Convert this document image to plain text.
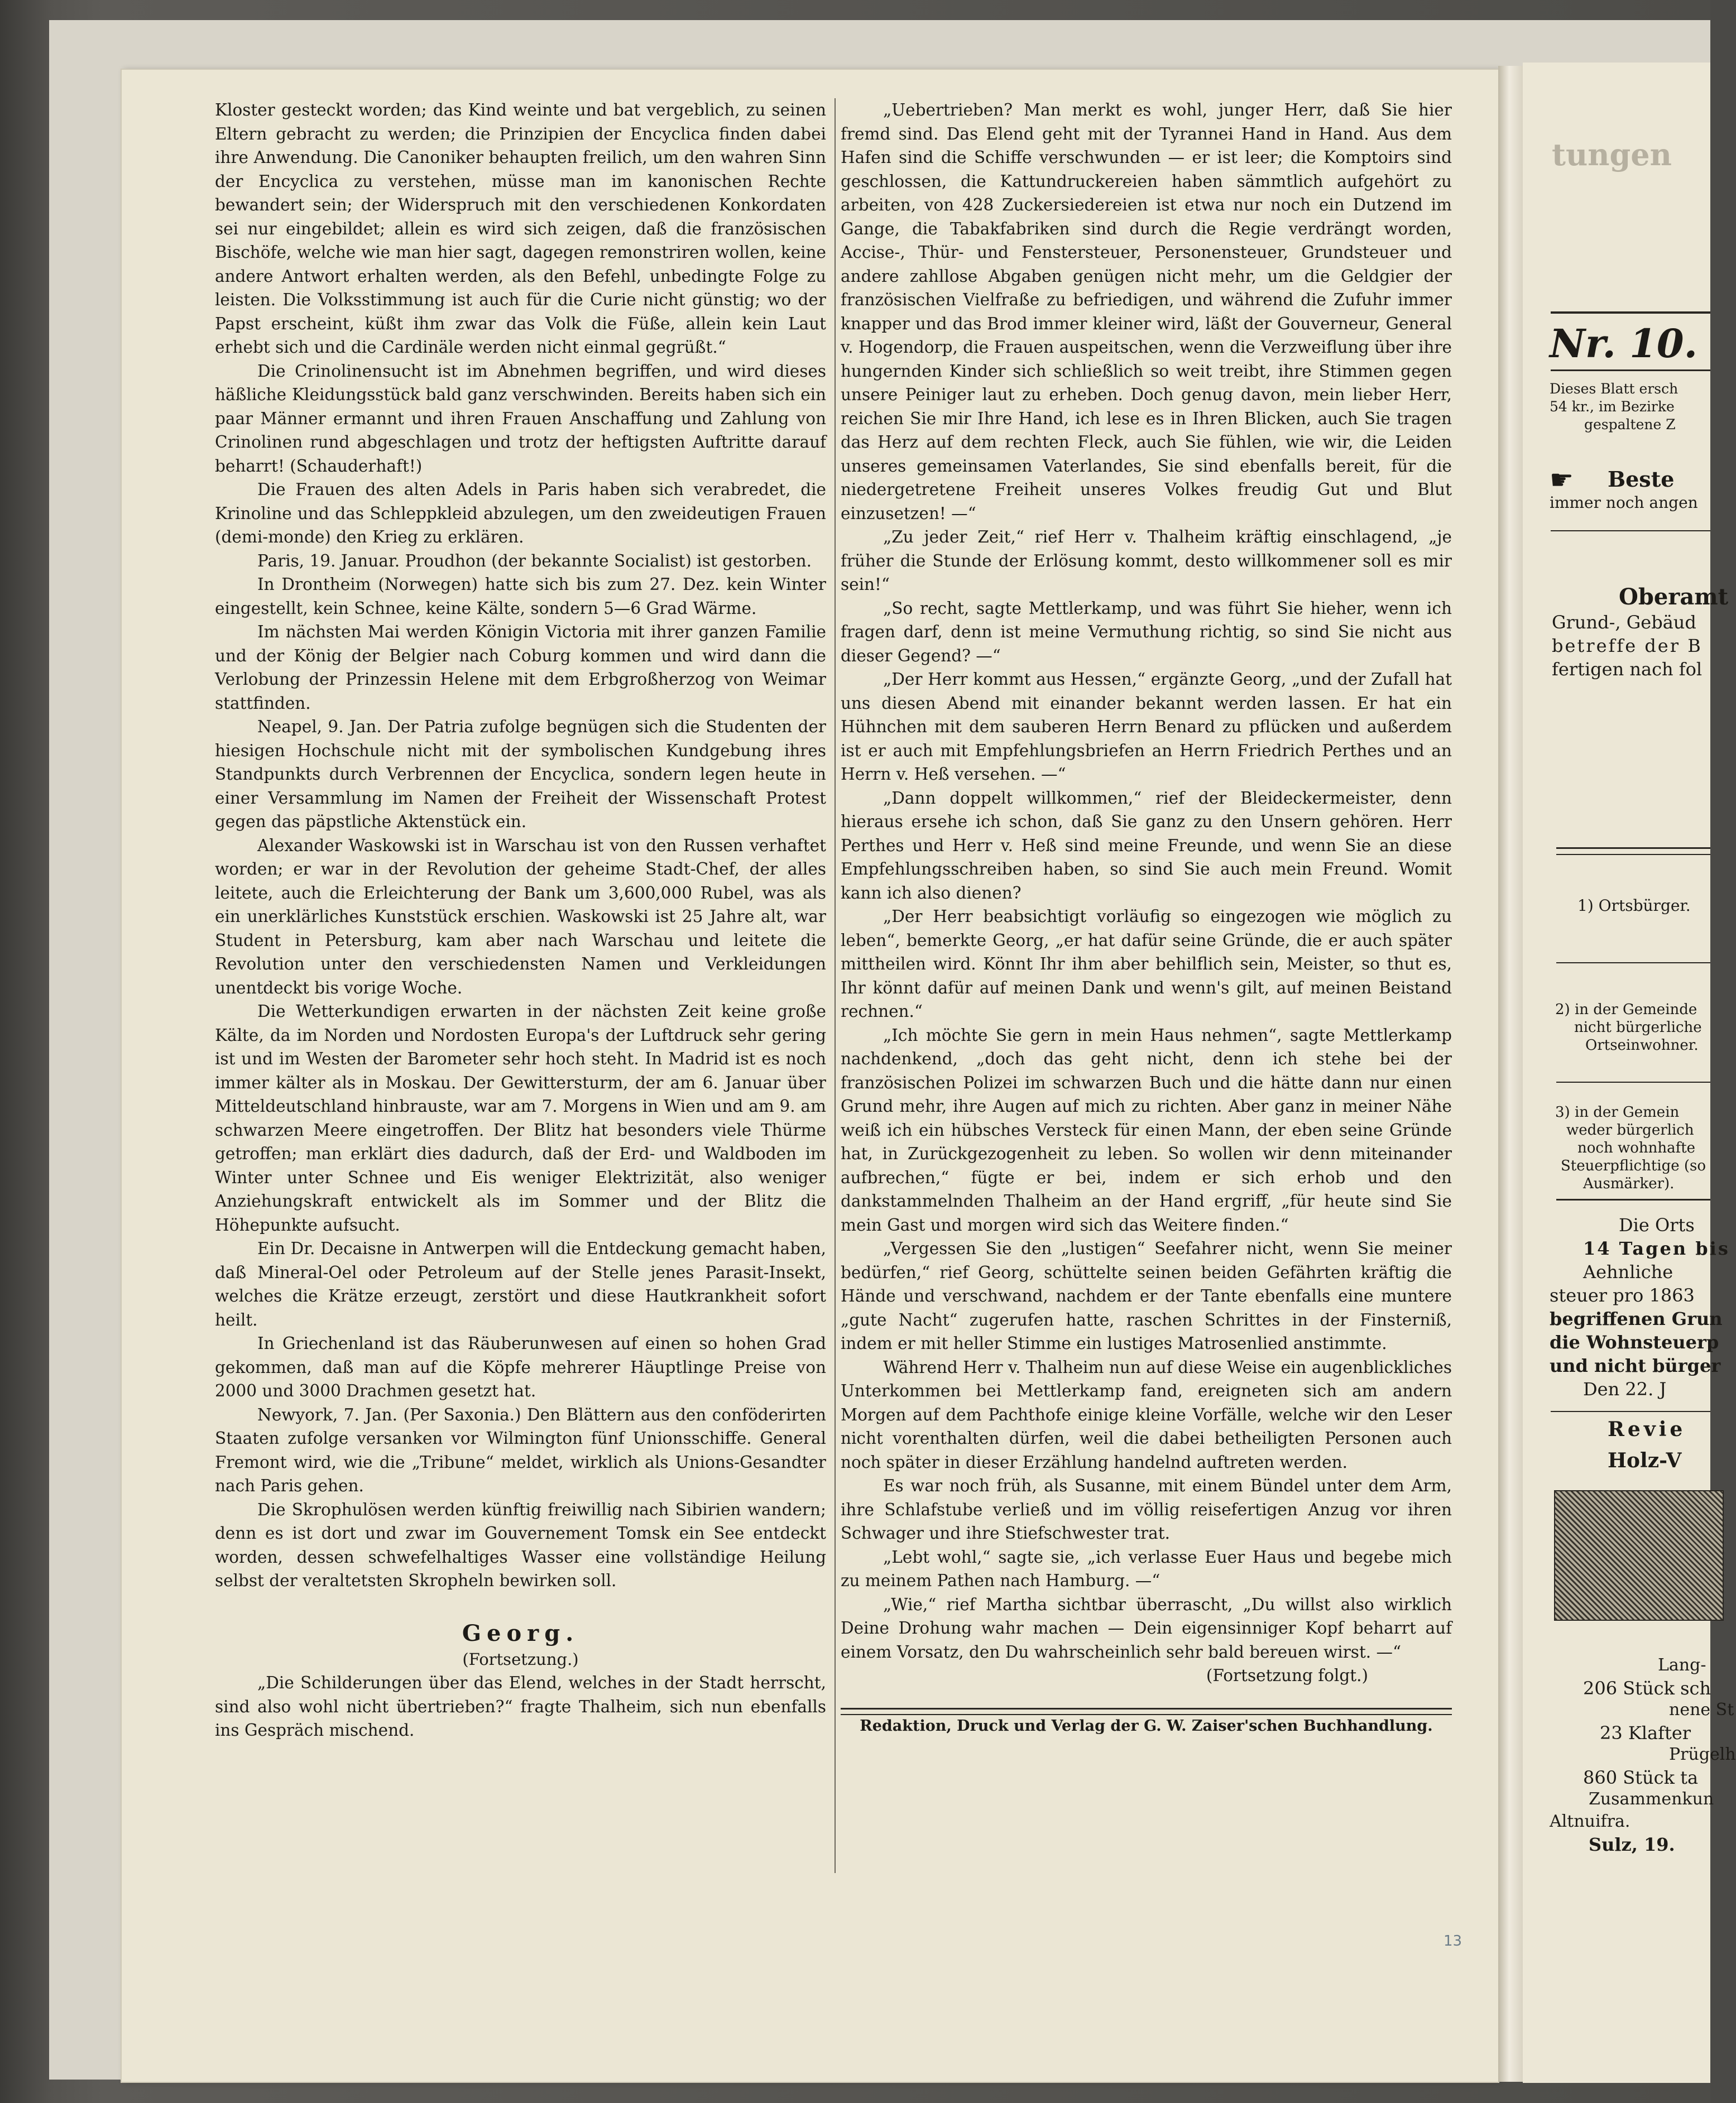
Kloster gesteckt worden; das Kind weinte und bat vergeblich, zu seinen Eltern gebracht zu werden; die Prinzipien der Encyclica finden dabei ihre Anwendung. Die Canoniker behaupten freilich, um den wahren Sinn der Encyclica zu verstehen, müsse man im kanonischen Rechte bewandert sein; der Widerspruch mit den verschiedenen Konkordaten sei nur eingebildet; allein es wird sich zeigen, daß die französischen Bischöfe, welche wie man hier sagt, dagegen remonstriren wollen, keine andere Antwort erhalten werden, als den Befehl, unbedingte Folge zu leisten. Die Volksstimmung ist auch für die Curie nicht günstig; wo der Papst erscheint, küßt ihm zwar das Volk die Füße, allein kein Laut erhebt sich und die Cardinäle werden nicht einmal gegrüßt.“

Die Crinolinensucht ist im Abnehmen begriffen, und wird dieses häßliche Kleidungsstück bald ganz verschwinden. Bereits haben sich ein paar Männer ermannt und ihren Frauen Anschaffung und Zahlung von Crinolinen rund abgeschlagen und trotz der heftigsten Auftritte darauf beharrt! (Schauderhaft!)

Die Frauen des alten Adels in Paris haben sich verabredet, die Krinoline und das Schleppkleid abzulegen, um den zweideutigen Frauen (demi-monde) den Krieg zu erklären.

Paris, 19. Januar. Proudhon (der bekannte Socialist) ist gestorben.

In Drontheim (Norwegen) hatte sich bis zum 27. Dez. kein Winter eingestellt, kein Schnee, keine Kälte, sondern 5—6 Grad Wärme.

Im nächsten Mai werden Königin Victoria mit ihrer ganzen Familie und der König der Belgier nach Coburg kommen und wird dann die Verlobung der Prinzessin Helene mit dem Erbgroßherzog von Weimar stattfinden.

Neapel, 9. Jan. Der Patria zufolge begnügen sich die Studenten der hiesigen Hochschule nicht mit der symbolischen Kundgebung ihres Standpunkts durch Verbrennen der Encyclica, sondern legen heute in einer Versammlung im Namen der Freiheit der Wissenschaft Protest gegen das päpstliche Aktenstück ein.

Alexander Waskowski ist in Warschau ist von den Russen verhaftet worden; er war in der Revolution der geheime Stadt-Chef, der alles leitete, auch die Erleichterung der Bank um 3,600,000 Rubel, was als ein unerklärliches Kunststück erschien. Waskowski ist 25 Jahre alt, war Student in Petersburg, kam aber nach Warschau und leitete die Revolution unter den verschiedensten Namen und Verkleidungen unentdeckt bis vorige Woche.

Die Wetterkundigen erwarten in der nächsten Zeit keine große Kälte, da im Norden und Nordosten Europa's der Luftdruck sehr gering ist und im Westen der Barometer sehr hoch steht. In Madrid ist es noch immer kälter als in Moskau. Der Gewittersturm, der am 6. Januar über Mitteldeutschland hinbrauste, war am 7. Morgens in Wien und am 9. am schwarzen Meere eingetroffen. Der Blitz hat besonders viele Thürme getroffen; man erklärt dies dadurch, daß der Erd- und Waldboden im Winter unter Schnee und Eis weniger Elektrizität, also weniger Anziehungskraft entwickelt als im Sommer und der Blitz die Höhepunkte aufsucht.

Ein Dr. Decaisne in Antwerpen will die Entdeckung gemacht haben, daß Mineral-Oel oder Petroleum auf der Stelle jenes Parasit-Insekt, welches die Krätze erzeugt, zerstört und diese Hautkrankheit sofort heilt.

In Griechenland ist das Räuberunwesen auf einen so hohen Grad gekommen, daß man auf die Köpfe mehrerer Häuptlinge Preise von 2000 und 3000 Drachmen gesetzt hat.

Newyork, 7. Jan. (Per Saxonia.) Den Blättern aus den conföderirten Staaten zufolge versanken vor Wilmington fünf Unionsschiffe. General Fremont wird, wie die „Tribune“ meldet, wirklich als Unions-Gesandter nach Paris gehen.

Die Skrophulösen werden künftig freiwillig nach Sibirien wandern; denn es ist dort und zwar im Gouvernement Tomsk ein See entdeckt worden, dessen schwefelhaltiges Wasser eine vollständige Heilung selbst der veraltetsten Skropheln bewirken soll.

Georg.
(Fortsetzung.)

„Die Schilderungen über das Elend, welches in der Stadt herrscht, sind also wohl nicht übertrieben?“ fragte Thalheim, sich nun ebenfalls ins Gespräch mischend.

„Uebertrieben? Man merkt es wohl, junger Herr, daß Sie hier fremd sind. Das Elend geht mit der Tyrannei Hand in Hand. Aus dem Hafen sind die Schiffe verschwunden — er ist leer; die Komptoirs sind geschlossen, die Kattundruckereien haben sämmtlich aufgehört zu arbeiten, von 428 Zuckersiedereien ist etwa nur noch ein Dutzend im Gange, die Tabakfabriken sind durch die Regie verdrängt worden, Accise-, Thür- und Fenstersteuer, Personensteuer, Grundsteuer und andere zahllose Abgaben genügen nicht mehr, um die Geldgier der französischen Vielfraße zu befriedigen, und während die Zufuhr immer knapper und das Brod immer kleiner wird, läßt der Gouverneur, General v. Hogendorp, die Frauen auspeitschen, wenn die Verzweiflung über ihre hungernden Kinder sich schließlich so weit treibt, ihre Stimmen gegen unsere Peiniger laut zu erheben. Doch genug davon, mein lieber Herr, reichen Sie mir Ihre Hand, ich lese es in Ihren Blicken, auch Sie tragen das Herz auf dem rechten Fleck, auch Sie fühlen, wie wir, die Leiden unseres gemeinsamen Vaterlandes, Sie sind ebenfalls bereit, für die niedergetretene Freiheit unseres Volkes freudig Gut und Blut einzusetzen! —“

„Zu jeder Zeit,“ rief Herr v. Thalheim kräftig einschlagend, „je früher die Stunde der Erlösung kommt, desto willkommener soll es mir sein!“

„So recht, sagte Mettlerkamp, und was führt Sie hieher, wenn ich fragen darf, denn ist meine Vermuthung richtig, so sind Sie nicht aus dieser Gegend? —“

„Der Herr kommt aus Hessen,“ ergänzte Georg, „und der Zufall hat uns diesen Abend mit einander bekannt werden lassen. Er hat ein Hühnchen mit dem sauberen Herrn Benard zu pflücken und außerdem ist er auch mit Empfehlungsbriefen an Herrn Friedrich Perthes und an Herrn v. Heß versehen. —“

„Dann doppelt willkommen,“ rief der Bleideckermeister, denn hieraus ersehe ich schon, daß Sie ganz zu den Unsern gehören. Herr Perthes und Herr v. Heß sind meine Freunde, und wenn Sie an diese Empfehlungsschreiben haben, so sind Sie auch mein Freund. Womit kann ich also dienen?

„Der Herr beabsichtigt vorläufig so eingezogen wie möglich zu leben“, bemerkte Georg, „er hat dafür seine Gründe, die er auch später mittheilen wird. Könnt Ihr ihm aber behilflich sein, Meister, so thut es, Ihr könnt dafür auf meinen Dank und wenn's gilt, auf meinen Beistand rechnen.“

„Ich möchte Sie gern in mein Haus nehmen“, sagte Mettlerkamp nachdenkend, „doch das geht nicht, denn ich stehe bei der französischen Polizei im schwarzen Buch und die hätte dann nur einen Grund mehr, ihre Augen auf mich zu richten. Aber ganz in meiner Nähe weiß ich ein hübsches Versteck für einen Mann, der eben seine Gründe hat, in Zurückgezogenheit zu leben. So wollen wir denn miteinander aufbrechen,“ fügte er bei, indem er sich erhob und den dankstammelnden Thalheim an der Hand ergriff, „für heute sind Sie mein Gast und morgen wird sich das Weitere finden.“

„Vergessen Sie den „lustigen“ Seefahrer nicht, wenn Sie meiner bedürfen,“ rief Georg, schüttelte seinen beiden Gefährten kräftig die Hände und verschwand, nachdem er der Tante ebenfalls eine muntere „gute Nacht“ zugerufen hatte, raschen Schrittes in der Finsterniß, indem er mit heller Stimme ein lustiges Matrosenlied anstimmte.

Während Herr v. Thalheim nun auf diese Weise ein augenblickliches Unterkommen bei Mettlerkamp fand, ereigneten sich am andern Morgen auf dem Pachthofe einige kleine Vorfälle, welche wir den Leser nicht vorenthalten dürfen, weil die dabei betheiligten Personen auch noch später in dieser Erzählung handelnd auftreten werden.

Es war noch früh, als Susanne, mit einem Bündel unter dem Arm, ihre Schlafstube verließ und im völlig reisefertigen Anzug vor ihren Schwager und ihre Stiefschwester trat.

„Lebt wohl,“ sagte sie, „ich verlasse Euer Haus und begebe mich zu meinem Pathen nach Hamburg. —“

„Wie,“ rief Martha sichtbar überrascht, „Du willst also wirklich Deine Drohung wahr machen — Dein eigensinniger Kopf beharrt auf einem Vorsatz, den Du wahrscheinlich sehr bald bereuen wirst. —“

(Fortsetzung folgt.)

Redaktion, Druck und Verlag der G. W. Zaiser'schen Buchhandlung.
13
tungen
Nr. 10.
Dieses Blatt ersch
54 kr., im Bezirke
gespaltene Z
☛ Beste
immer noch angen
Oberamt
Grund-, Gebäud
betreffe der B
fertigen nach fol
1) Ortsbürger.
2) in der Gemeinde
nicht bürgerliche
Ortseinwohner.
3) in der Gemein
weder bürgerlich
noch wohnhafte
Steuerpflichtige (so
Ausmärker).
Die Orts
14 Tagen bis
Aehnliche
steuer pro 1863
begriffenen Grun
die Wohnsteuerp
und nicht bürger
Den 22. J
Revie
Holz-V
Lang-
206 Stück sch
nene St
23 Klafter
Prügelh
860 Stück ta
Zusammenkun
Altnuifra.
Sulz, 19.
